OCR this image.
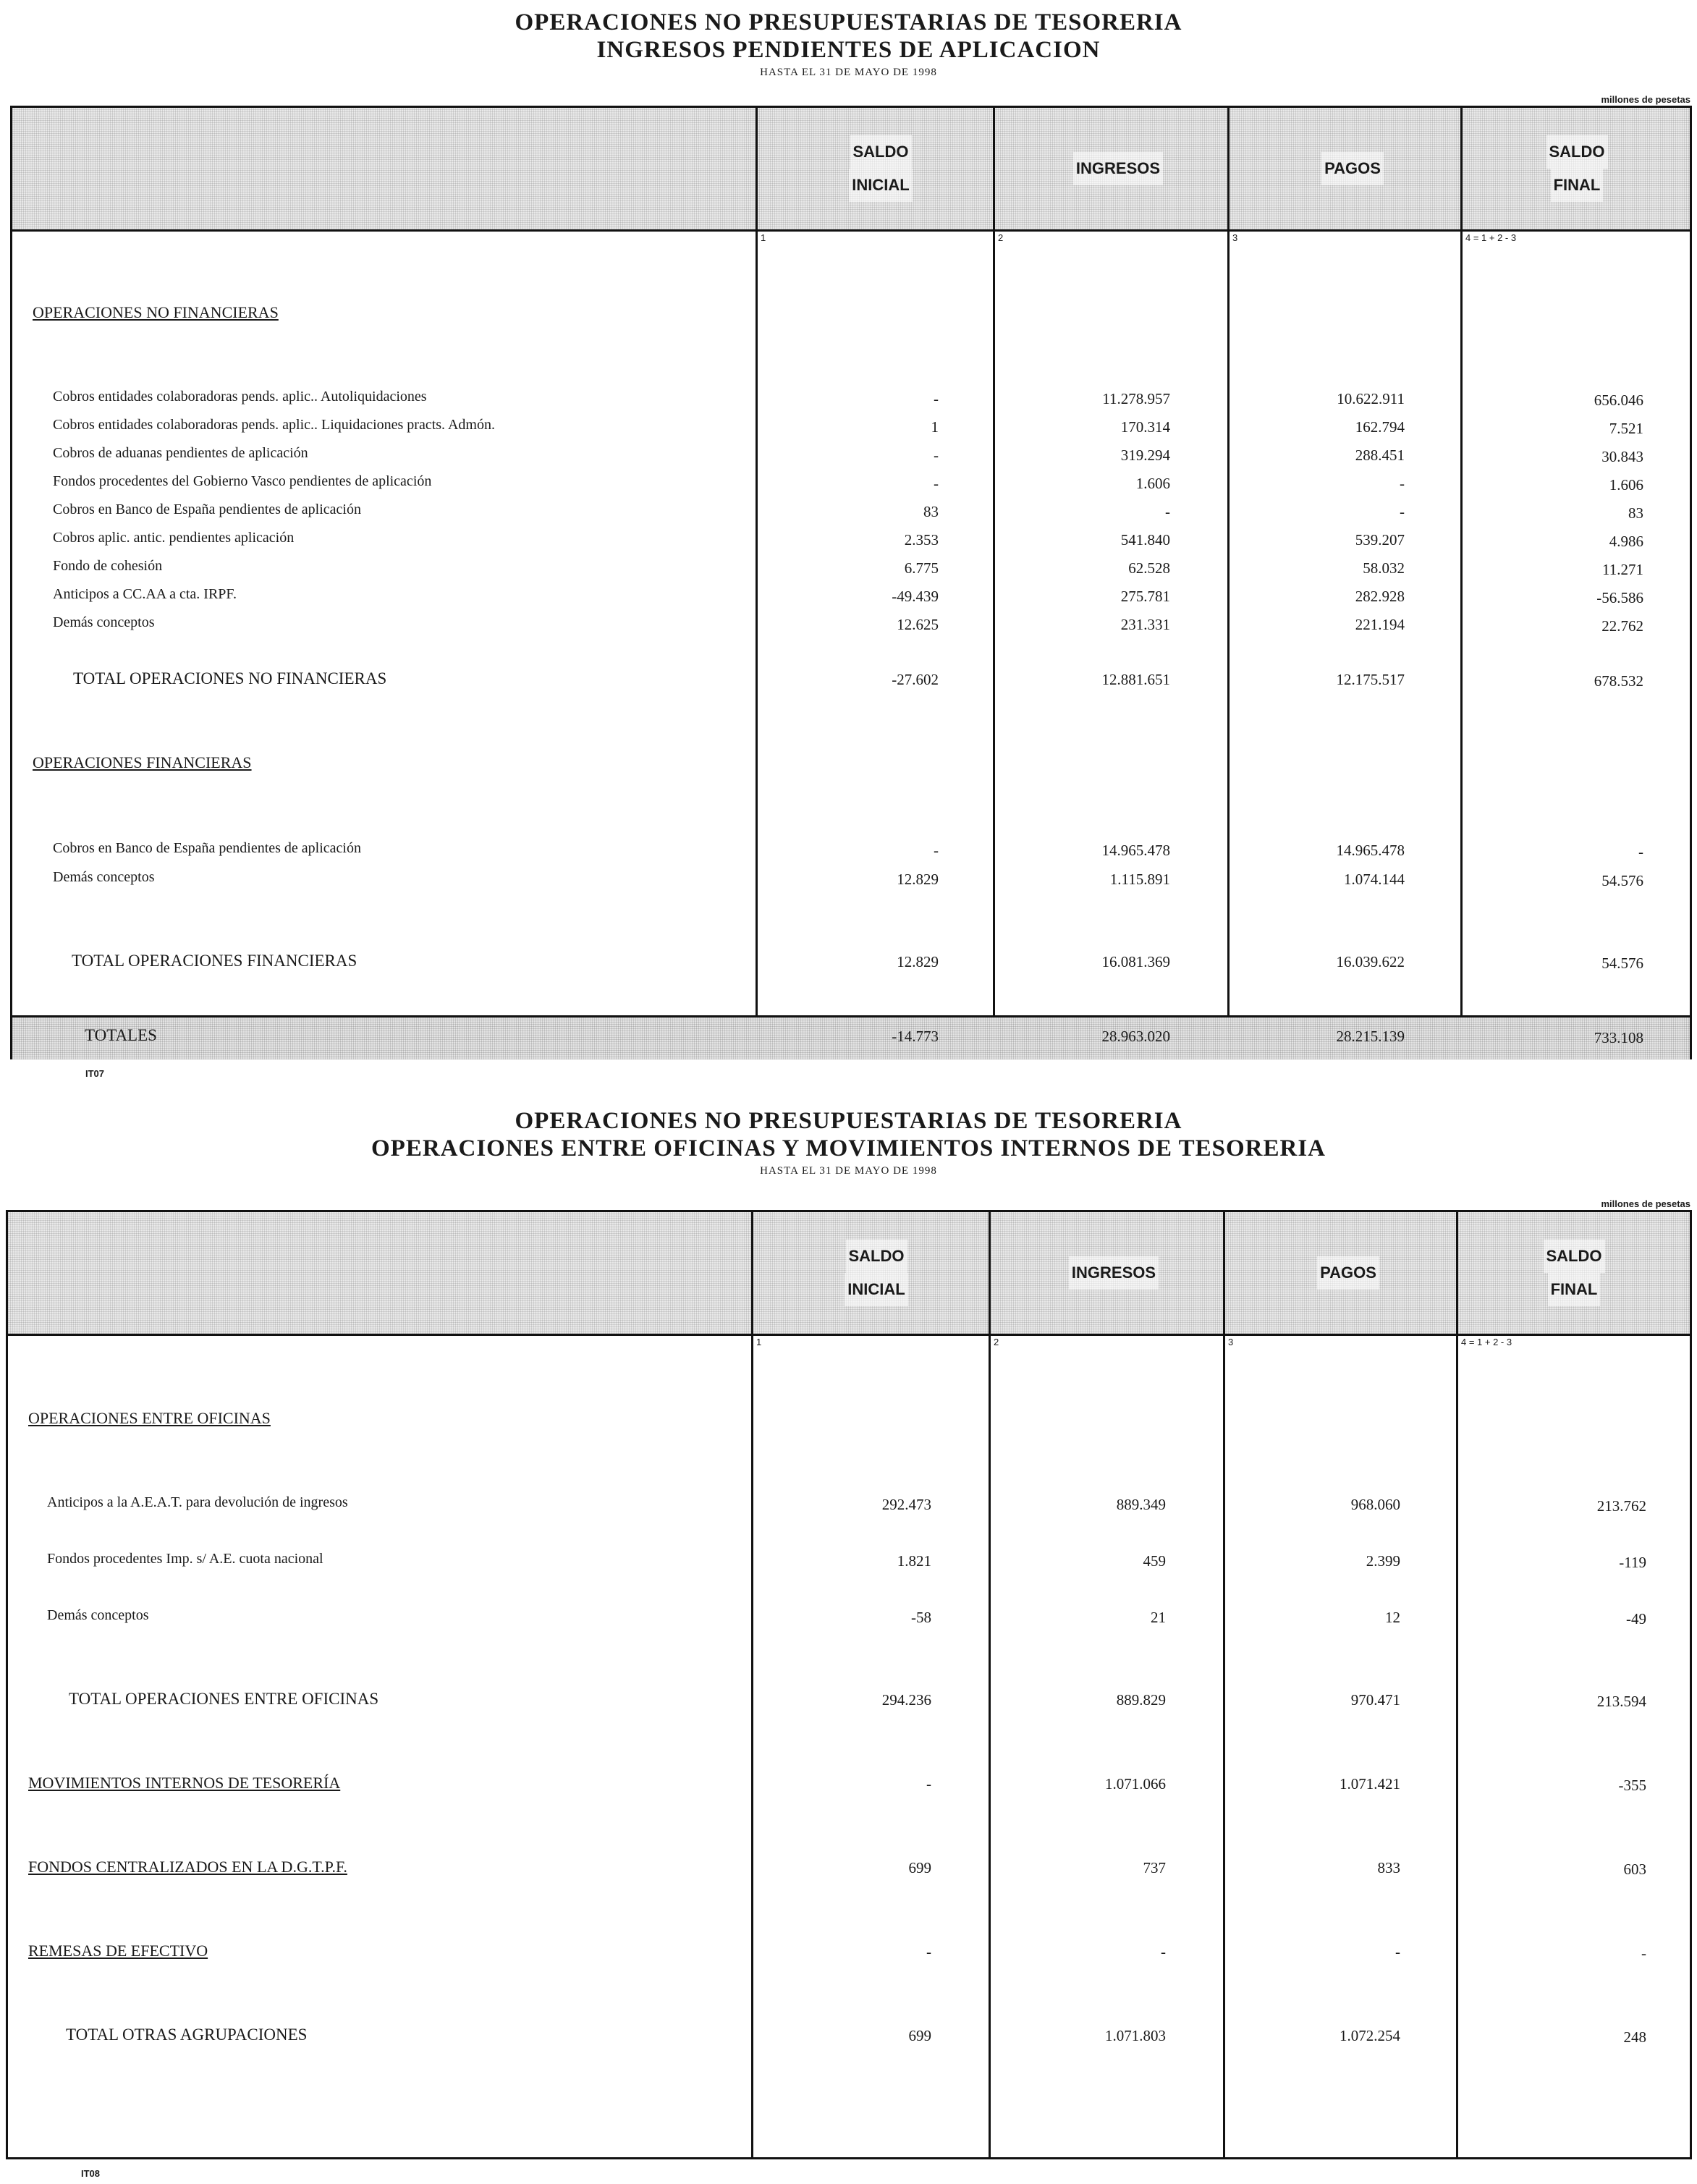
OPERACIONES NO PRESUPUESTARIAS DE TESORERIA
INGRESOS PENDIENTES DE APLICACION
HASTA EL 31 DE MAYO DE 1998
millones de pesetas
SALDO
INICIAL
INGRESOS	PAGOS
SALDO
FINAL
1	2	3	4 = 1 + 2 - 3
OPERACIONES NO FINANCIERAS
Cobros entidades colaboradoras pends. aplic.. Autoliquidaciones	-	11.278.957	10.622.911	656.046
Cobros entidades colaboradoras pends. aplic.. Liquidaciones practs. Admón.	1	170.314	162.794	7.521
Cobros de aduanas pendientes de aplicación	-	319.294	288.451	30.843
Fondos procedentes del Gobierno Vasco pendientes de aplicación	-	1.606	-	1.606
Cobros en Banco de España pendientes de aplicación	83	-	-	83
Cobros aplic. antic. pendientes aplicación	2.353	541.840	539.207	4.986
Fondo de cohesión	6.775	62.528	58.032	11.271
Anticipos a CC.AA a cta. IRPF.	-49.439	275.781	282.928	-56.586
Demás conceptos	12.625	231.331	221.194	22.762
TOTAL OPERACIONES NO FINANCIERAS	-27.602	12.881.651	12.175.517	678.532
OPERACIONES FINANCIERAS
Cobros en Banco de España pendientes de aplicación	-	14.965.478	14.965.478	-
Demás conceptos	12.829	1.115.891	1.074.144	54.576
TOTAL OPERACIONES FINANCIERAS	12.829	16.081.369	16.039.622	54.576
TOTALES	-14.773	28.963.020	28.215.139	733.108
IT07
OPERACIONES NO PRESUPUESTARIAS DE TESORERIA
OPERACIONES ENTRE OFICINAS Y MOVIMIENTOS INTERNOS DE TESORERIA
HASTA EL 31 DE MAYO DE 1998
millones de pesetas
SALDO
INICIAL
INGRESOS	PAGOS
SALDO
FINAL
1	2	3	4 = 1 + 2 - 3
OPERACIONES ENTRE OFICINAS
Anticipos a la A.E.A.T. para devolución de ingresos	292.473	889.349	968.060	213.762
Fondos procedentes Imp. s/ A.E. cuota nacional	1.821	459	2.399	-119
Demás conceptos	-58	21	12	-49
TOTAL OPERACIONES ENTRE OFICINAS	294.236	889.829	970.471	213.594
MOVIMIENTOS INTERNOS DE TESORERÍA	-	1.071.066	1.071.421	-355
FONDOS CENTRALIZADOS EN LA D.G.T.P.F.	699	737	833	603
REMESAS DE EFECTIVO	-	-	-	-
TOTAL OTRAS AGRUPACIONES	699	1.071.803	1.072.254	248
IT08
